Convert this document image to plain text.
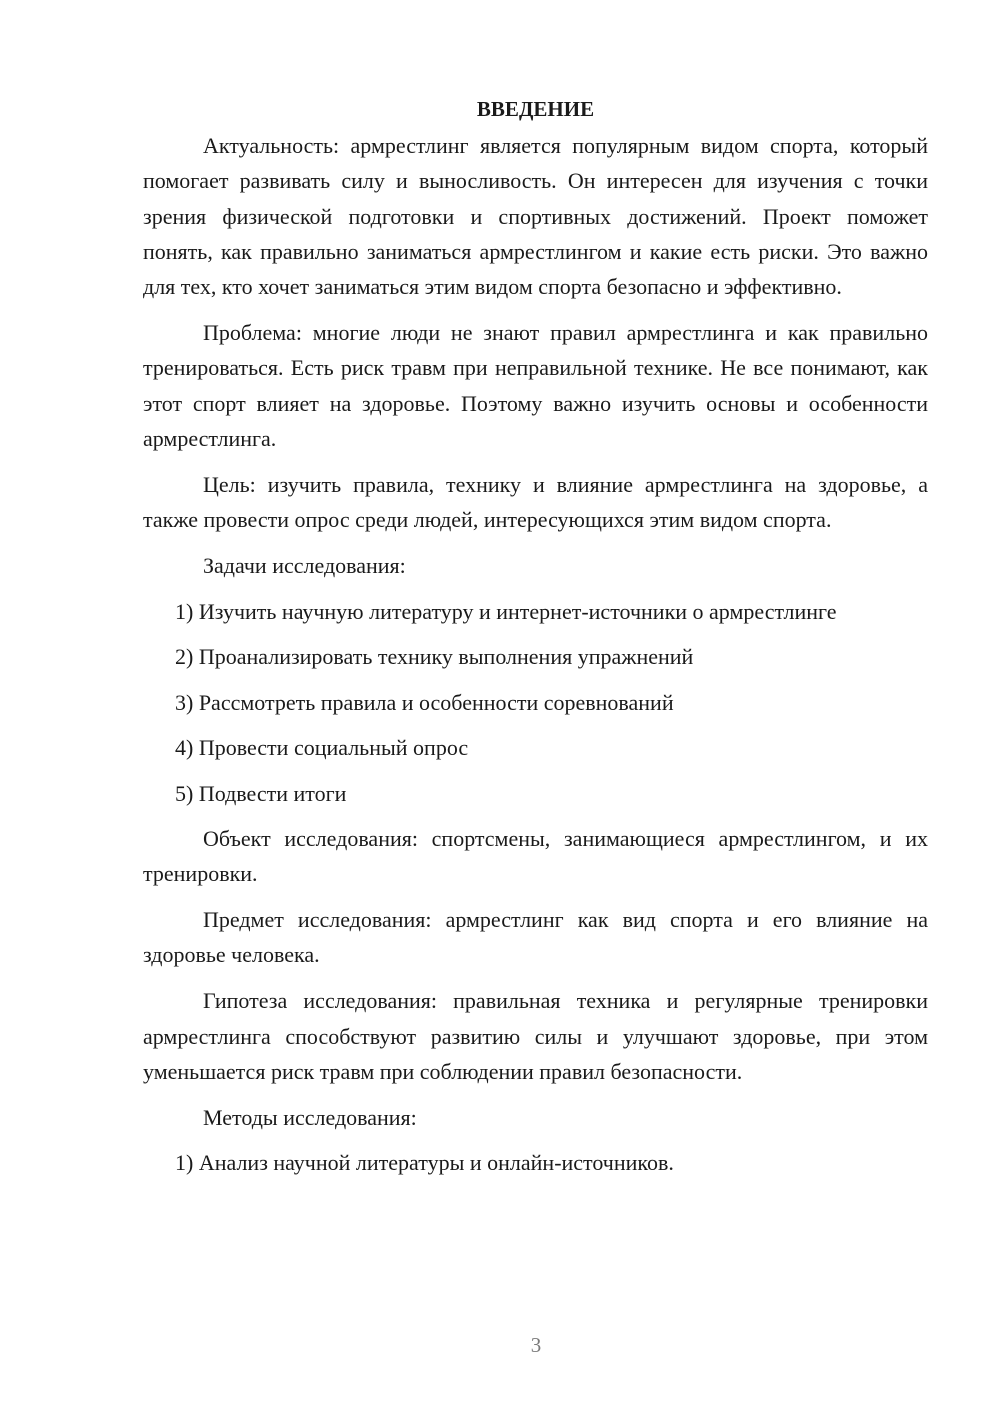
ВВЕДЕНИЕ

Актуальность: армрестлинг является популярным видом спорта, который помогает развивать силу и выносливость. Он интересен для изучения с точки зрения физической подготовки и спортивных достижений. Проект поможет понять, как правильно заниматься армрестлингом и какие есть риски. Это важно для тех, кто хочет заниматься этим видом спорта безопасно и эффективно.

Проблема: многие люди не знают правил армрестлинга и как правильно тренироваться. Есть риск травм при неправильной технике. Не все понимают, как этот спорт влияет на здоровье. Поэтому важно изучить основы и особенности армрестлинга.

Цель: изучить правила, технику и влияние армрестлинга на здоровье, а также провести опрос среди людей, интересующихся этим видом спорта.

Задачи исследования:

1) Изучить научную литературу и интернет-источники о армрестлинге
2) Проанализировать технику выполнения упражнений
3) Рассмотреть правила и особенности соревнований
4) Провести социальный опрос
5) Подвести итоги

Объект исследования: спортсмены, занимающиеся армрестлингом, и их тренировки.

Предмет исследования: армрестлинг как вид спорта и его влияние на здоровье человека.

Гипотеза исследования: правильная техника и регулярные тренировки армрестлинга способствуют развитию силы и улучшают здоровье, при этом уменьшается риск травм при соблюдении правил безопасности.

Методы исследования:

1) Анализ научной литературы и онлайн-источников.
3
